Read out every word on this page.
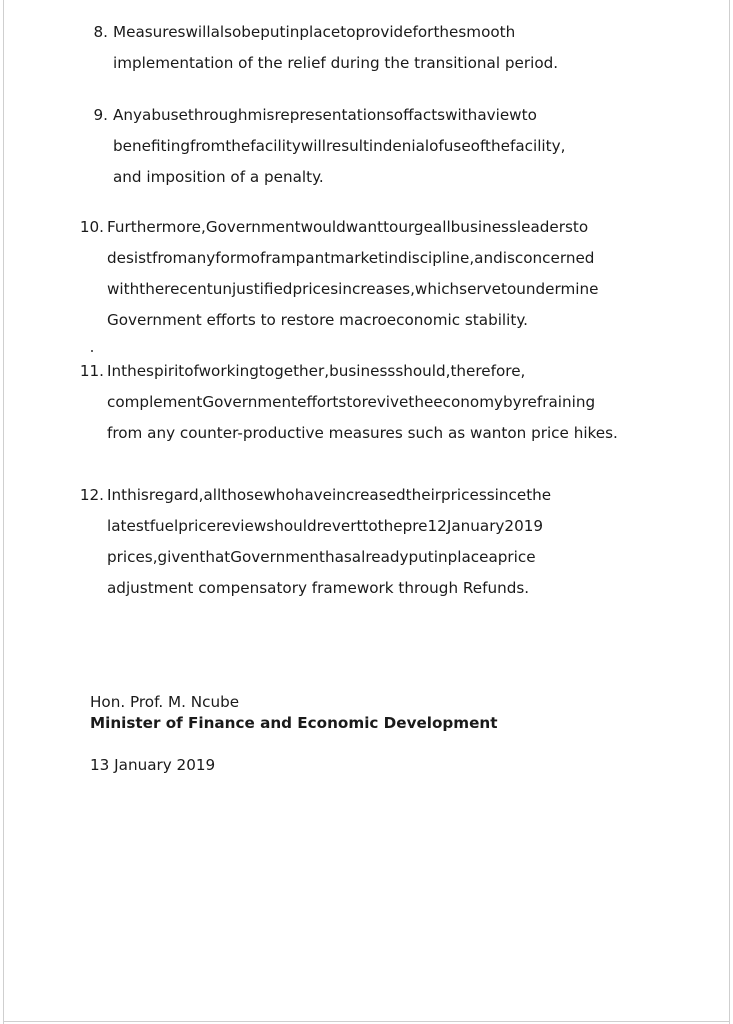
8. Measureswillalsobeputinplacetoprovideforthesmooth
implementation of the relief during the transitional period.
9. Anyabusethroughmisrepresentationsoffactswithaviewto
benefitingfromthefacilitywillresultindenialofuseofthefacility,
and imposition of a penalty.
10. Furthermore,Governmentwouldwanttourgeallbusinessleadersto
desistfromanyformoframpantmarketindiscipline,andisconcerned
withtherecentunjustifiedpricesincreases,whichservetoundermine
Government efforts to restore macroeconomic stability.
11. Inthespiritofworkingtogether,businessshould,therefore,
complementGovernmenteffortstorevivetheeconomybyrefraining
from any counter-productive measures such as wanton price hikes.
12. Inthisregard,allthosewhohaveincreasedtheirpricessincethe
latestfuelpricereviewshouldreverttothepre12January2019
prices,giventhatGovernmenthasalreadyputinplaceaprice
adjustment compensatory framework through Refunds.
Hon. Prof. M. Ncube
Minister of Finance and Economic Development
13 January 2019
